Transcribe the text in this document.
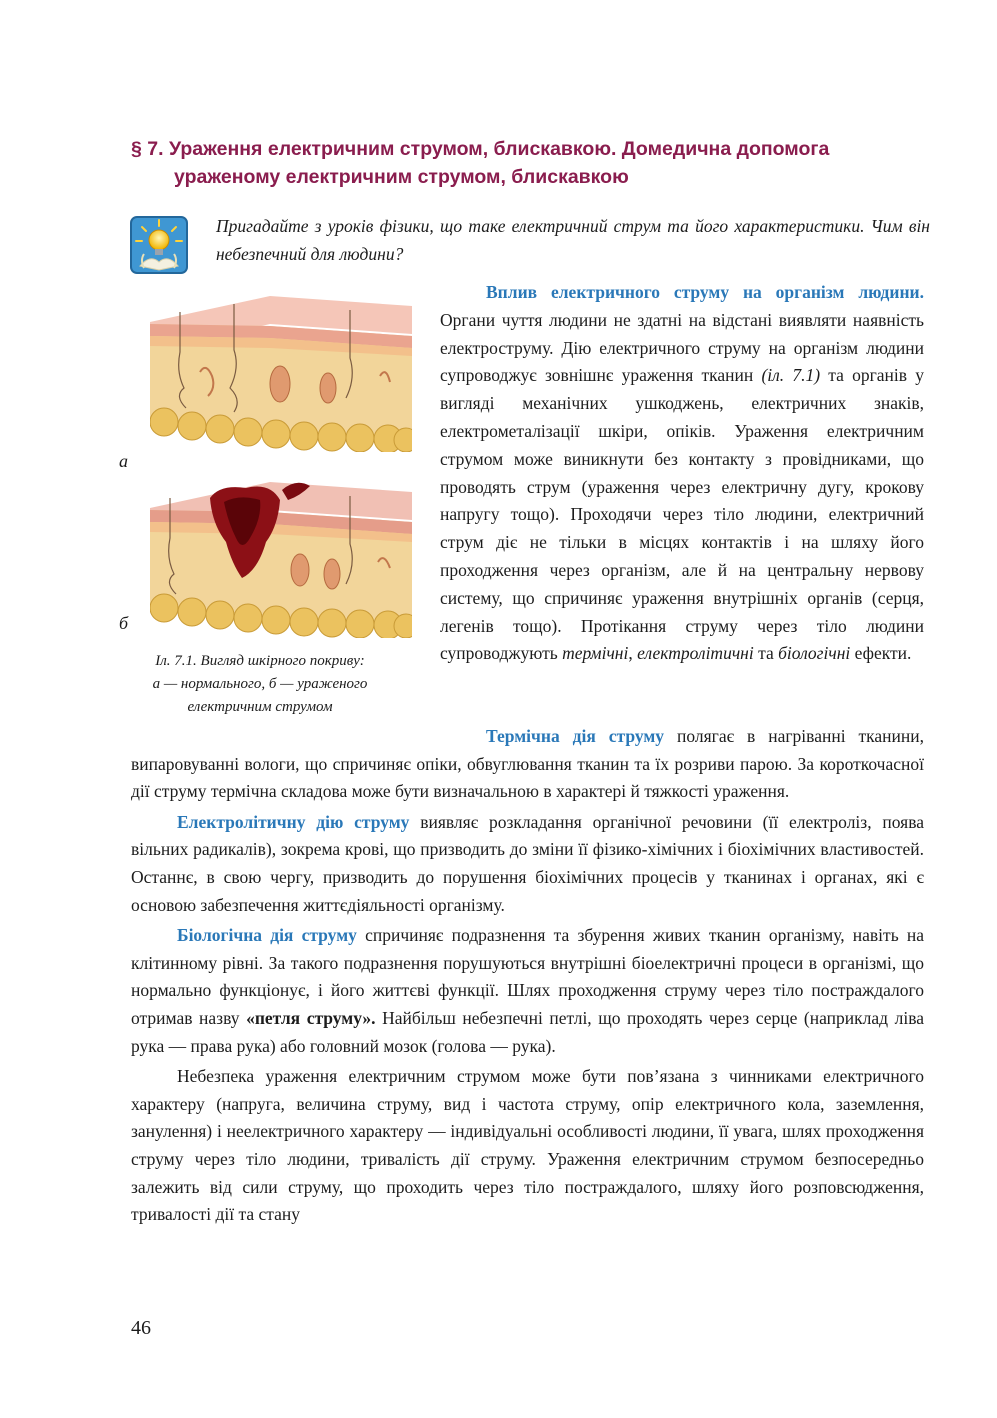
§ 7. Ураження електричним струмом, блискавкою. Домедична допомога
ураженому електричним струмом, блискавкою
Пригадайте з уроків фізики, що таке електричний струм та його характеристики. Чим він небезпечний для людини?
а
б
Іл. 7.1. Вигляд шкірного покриву:
а — нормального, б — ураженого
електричним струмом

Вплив електричного струму на організм людини. Органи чуття людини не здатні на відстані виявляти наявність електроструму. Дію електричного струму на організм людини супроводжує зовнішнє ураження тканин (іл. 7.1) та органів у вигляді механічних ушкоджень, електричних знаків, електрометалізації шкіри, опіків. Ураження електричним струмом може виникнути без контакту з провідниками, що проводять струм (ураження через електричну дугу, крокову напругу тощо). Проходячи через тіло людини, електричний струм діє не тільки в місцях контактів і на шляху його проходження через організм, але й на центральну нервову систему, що спричиняє ураження внутрішніх органів (серця, легенів тощо). Протікання струму через тіло людини супроводжують термічні, електролітичні та біологічні ефекти.

Термічна дія струму полягає в нагріванні тканини, випаровуванні вологи, що спричиняє опіки, обвуглювання тканин та їх розриви парою. За короткочасної дії струму термічна складова може бути визначальною в характері й тяжкості ураження.

Електролітичну дію струму виявляє розкладання органічної речовини (її електроліз, поява вільних радикалів), зокрема крові, що призводить до зміни її фізико-хімічних і біохімічних властивостей. Останнє, в свою чергу, призводить до порушення біохімічних процесів у тканинах і органах, які є основою забезпечення життєдіяльності організму.

Біологічна дія струму спричиняє подразнення та збурення живих тканин організму, навіть на клітинному рівні. За такого подразнення порушуються внутрішні біоелектричні процеси в організмі, що нормально функціонує, і його життєві функції. Шлях проходження струму через тіло постраждалого отримав назву «петля струму». Найбільш небезпечні петлі, що проходять через серце (наприклад ліва рука — права рука) або головний мозок (голова — рука).

Небезпека ураження електричним струмом може бути пов’язана з чинниками електричного характеру (напруга, величина струму, вид і частота струму, опір електричного кола, заземлення, занулення) і неелектричного характеру — індивідуальні особливості людини, її увага, шлях проходження струму через тіло людини, тривалість дії струму. Ураження електричним струмом безпосередньо залежить від сили струму, що проходить через тіло постраждалого, шляху його розповсюдження, тривалості дії та стану

46
